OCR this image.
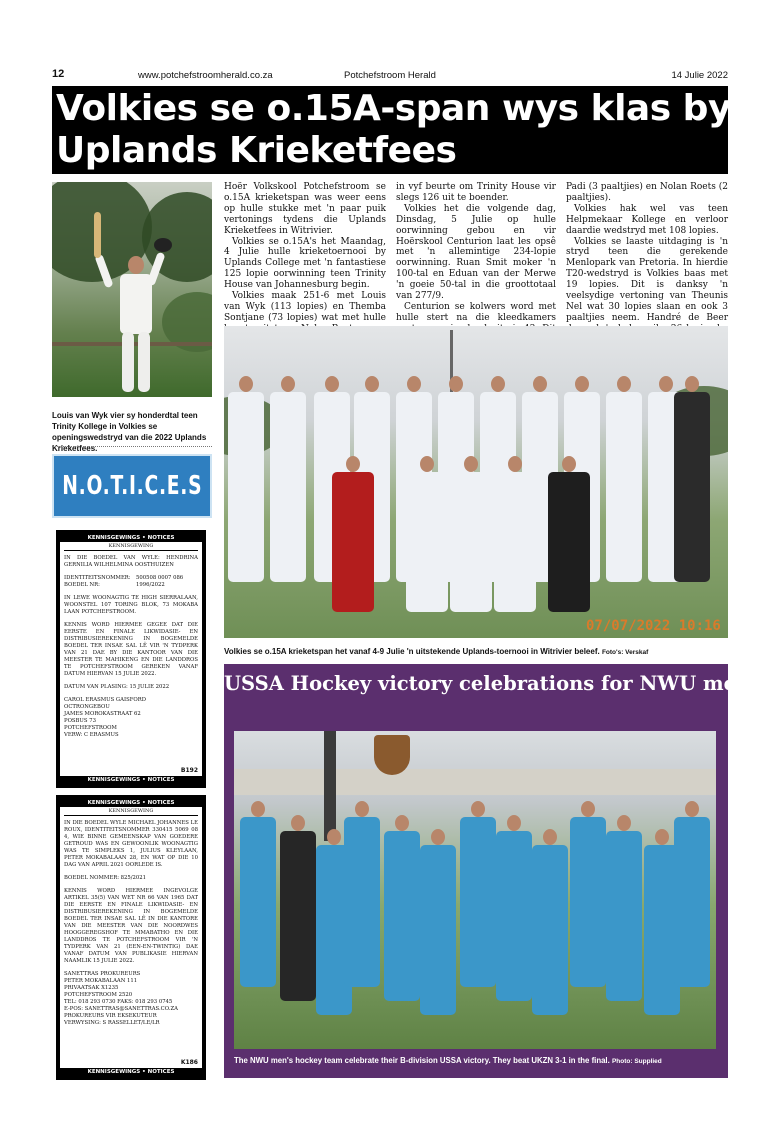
12	www.potchefstroomherald.co.za	Potchefstroom Herald	14 Julie 2022
Volkies se o.15A-span wys klas by
Uplands Krieketfees
Louis van Wyk vier sy honderdtal teen Trinity Kollege in Volkies se openingswedstryd van die 2022 Uplands Krieketfees.

Hoër Volkskool Potchefstroom se o.15A krieketspan was weer eens op hulle stukke met 'n paar puik vertonings tydens die Uplands Krieketfees in Witrivier.

Volkies se o.15A's het Maandag, 4 Julie hulle krieketoernooi by Uplands College met 'n fantastiese 125 lopie oorwinning teen Trinity House van Johannesburg begin.

Volkies maak 251-6 met Louis van Wyk (113 lopies) en Themba Sontjane (73 lopies) wat met hulle

in vyf beurte om Trinity House vir slegs 126 uit te boender.

Volkies het die volgende dag, Dinsdag, 5 Julie op hulle oorwinning gebou en vir Hoërskool Centurion laat les opsê met 'n allemintige 234-lopie oorwinning. Ruan Smit moker 'n 100-tal en Eduan van der Merwe 'n goeie 50-tal in die groottotaal van 277/9.

Centurion se kolwers word met hulle stert na die kleedkamers

Padi (3 paaltjies) en Nolan Roets (2 paaltjies).

Volkies hak wel vas teen Helpmekaar Kollege en verloor daardie wedstryd met 108 lopies.

Volkies se laaste uitdaging is 'n stryd teen die gerekende Menlopark van Pretoria. In hierdie T20-wedstryd is Volkies baas met 19 lopies. Dit is danksy 'n veelsydige vertoning van Theunis Nel wat 30 lopies slaan en ook 3 paaltjies neem. Handré de Beer

07/07/2022 10:16
Volkies se o.15A krieketspan het vanaf 4-9 Julie 'n uitstekende Uplands-toernooi in Witrivier beleef. Foto's: Verskaf
N.O.T.I.C.E.S
KENNISGEWINGS • NOTICES
KENNISGEWING

IN DIE BOEDEL VAN WYLE: HENDRINA GERNILIA WILHELMINA OOSTHUIZEN

IDENTITEITSNOMMER:	500508 0007 086
BOEDEL NR:	1996/2022

IN LEWE WOONAGTIG TE HIGH SIERRALAAN, WOONSTEL 107 TORING BLOK, 73 MOKABA LAAN POTCHEFSTROOM.

KENNIS WORD HIERMEE GEGEE DAT DIE EERSTE EN FINALE LIKWIDASIE- EN DISTRIBUSIEREKENING IN BOGEMELDE BOEDEL TER INSAE SAL LÊ VIR 'N TYDPERK VAN 21 DAE BY DIE KANTOOR VAN DIE MEESTER TE MAHIKENG EN DIE LANDDROS TE POTCHEFSTROOM GEREKEN VANAF DATUM HIERVAN 15 JULIE 2022.

DATUM VAN PLASING: 15 JULIE 2022

CAROL ERASMUS GAISFORD
OCTRONGEBOU
JAMES MOROKASTRAAT 62
POSBUS 73
POTCHEFSTROOM
VERW: C ERASMUS
B192
KENNISGEWINGS • NOTICES
KENNISGEWINGS • NOTICES
KENNISGEWING

IN DIE BOEDEL WYLE MICHAEL JOHANNES LE ROUX, IDENTITEITSNOMMER 330415 5069 08 4, WIE BINNE GEMEENSKAP VAN GOEDERE GETROUD WAS EN GEWOONLIK WOONAGTIG WAS TE SIMPLEKS 1, JULIUS KLEYLAAN, PETER MOKABALAAN 28, EN WAT OP DIE 10 DAG VAN APRIL 2021 OORLEDE IS.

BOEDEL NOMMER: 825/2021

KENNIS WORD HIERMEE INGEVOLGE ARTIKEL 35(5) VAN WET NR 66 VAN 1965 DAT DIE EERSTE EN FINALE LIKWIDASIE- EN DISTRIBUSIEREKENING IN BOGEMELDE BOEDEL TER INSAE SAL LÊ IN DIE KANTORE VAN DIE MEESTER VAN DIE NOORDWES HOOGGEREGSHOF TE MMABATHO EN DIE LANDDROS TE POTCHEFSTROOM VIR 'N TYDPERK VAN 21 (EEN-EN-TWINTIG) DAE VANAF DATUM VAN PUBLIKASIE HIERVAN NAAMLIK 15 JULIE 2022.

SANETTRAS PROKUREURS
PETER MOKABALAAN 111
PRIVAATSAK X1235
POTCHEFSTROOM 2520
TEL: 018 293 0730 FAKS: 018 293 0745
E-POS: SANETTRAS@SANETTRAS.CO.ZA
PROKUREURS VIR EKSEKUTEUR
VERWYSING: S RASSELLET/LE/LR
K186
KENNISGEWINGS • NOTICES
USSA Hockey victory celebrations for NWU men
The NWU men's hockey team celebrate their B-division USSA victory. They beat UKZN 3-1 in the final. Photo: Supplied
